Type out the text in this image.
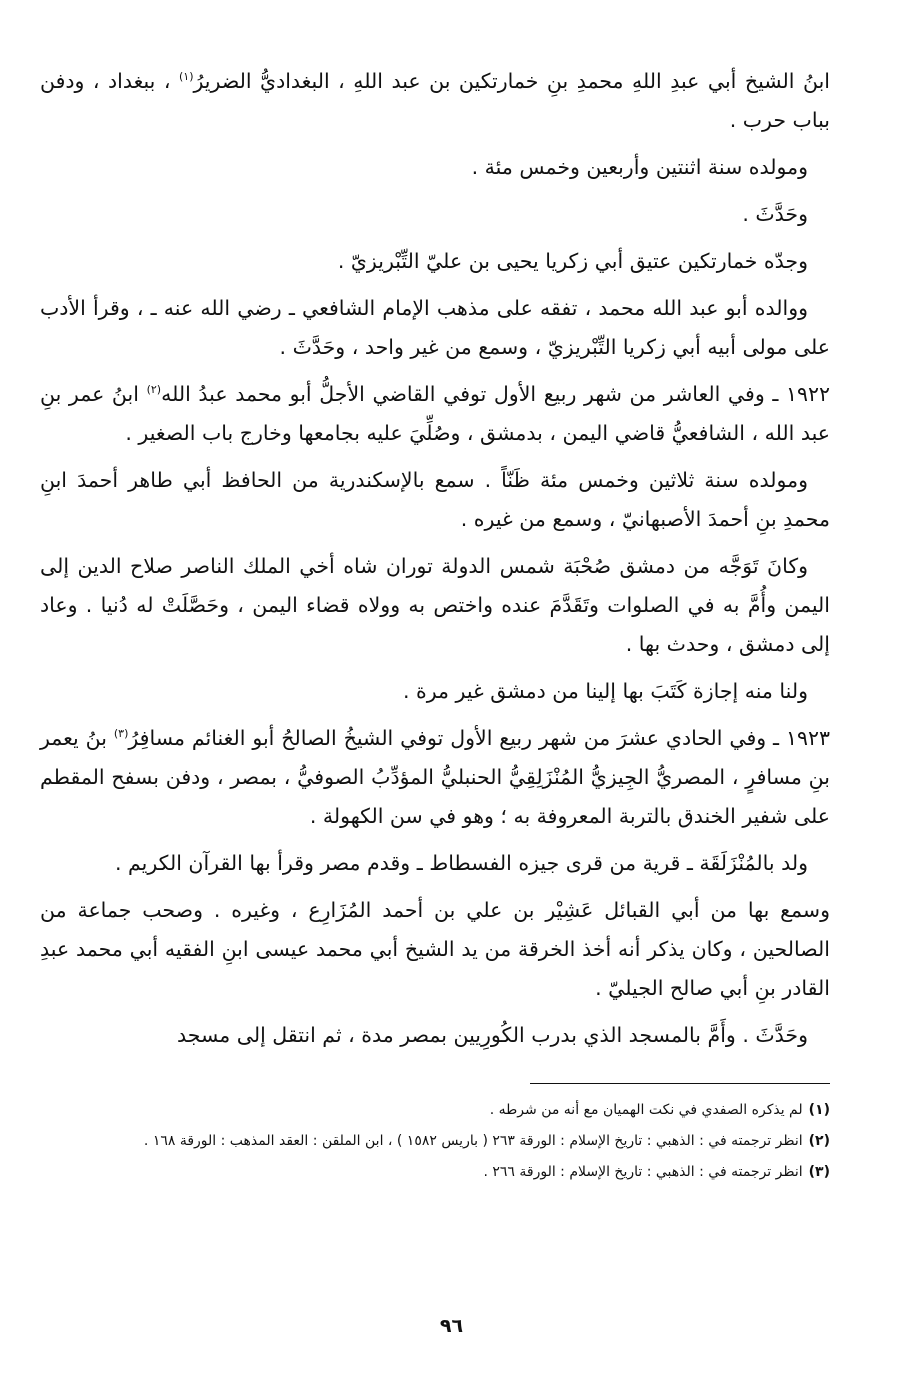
ابنُ الشيخ أبي عبدِ اللهِ محمدِ بنِ خمارتكين بن عبد اللهِ ، البغداديُّ الضريرُ$^{(١)}$ ، ببغداد ، ودفن بباب حرب .

ومولده سنة اثنتين وأربعين وخمس مئة .

وحَدَّثَ .

وجدّه خمارتكين عتيق أبي زكريا يحيى بن عليّ التِّبْريزيّ .

ووالده أبو عبد الله محمد ، تفقه على مذهب الإمام الشافعي ـ رضي الله عنه ـ ، وقرأ الأدب على مولى أبيه أبي زكريا التِّبْريزيّ ، وسمع من غير واحد ، وحَدَّثَ .

١٩٢٢ ـ وفي العاشر من شهر ربيع الأول توفي القاضي الأجلُّ أبو محمد عبدُ الله$^{(٢)}$ ابنُ عمر بنِ عبد الله ، الشافعيُّ قاضي اليمن ، بدمشق ، وصُلِّيَ عليه بجامعها وخارج باب الصغير .

ومولده سنة ثلاثين وخمس مئة ظَنّاً . سمع بالإسكندرية من الحافظ أبي طاهر أحمدَ ابنِ محمدِ بنِ أحمدَ الأصبهانيّ ، وسمع من غيره .

وكانَ تَوَجَّه من دمشق صُحْبَة شمس الدولة توران شاه أخي الملك الناصر صلاح الدين إلى اليمن وأُمَّ به في الصلوات وتَقَدَّمَ عنده واختص به وولاه قضاء اليمن ، وحَصَّلَتْ له دُنيا . وعاد إلى دمشق ، وحدث بها .

ولنا منه إجازة كَتَبَ بها إلينا من دمشق غير مرة .

١٩٢٣ ـ وفي الحادي عشرَ من شهر ربيع الأول توفي الشيخُ الصالحُ أبو الغنائم مسافِرُ$^{(٣)}$ بنُ يعمر بنِ مسافرٍ ، المصريُّ الجِيزيُّ المُنْزَلِقِيُّ الحنبليُّ المؤدِّبُ الصوفيُّ ، بمصر ، ودفن بسفح المقطم على شفير الخندق بالتربة المعروفة به ؛ وهو في سن الكهولة .

ولد بالمُنْزَلَقَة ـ قرية من قرى جيزه الفسطاط ـ وقدم مصر وقرأ بها القرآن الكريم .

وسمع بها من أبي القبائل عَشِيْر بن علي بن أحمد المُزَارِع ، وغيره . وصحب جماعة من الصالحين ، وكان يذكر أنه أخذ الخرقة من يد الشيخ أبي محمد عيسى ابنِ الفقيه أبي محمد عبدِ القادر بنِ أبي صالح الجيليّ .

وحَدَّثَ . وأَمَّ بالمسجد الذي بدرب الكُورِيين بمصر مدة ، ثم انتقل إلى مسجد

(١)لم يذكره الصفدي في نكت الهميان مع أنه من شرطه .

(٢)انظر ترجمته في : الذهبي : تاريخ الإسلام : الورقة ٢٦٣ ( باريس ١٥٨٢ ) ، ابن الملقن : العقد المذهب : الورقة ١٦٨ .

(٣)انظر ترجمته في : الذهبي : تاريخ الإسلام : الورقة ٢٦٦ .

٩٦
